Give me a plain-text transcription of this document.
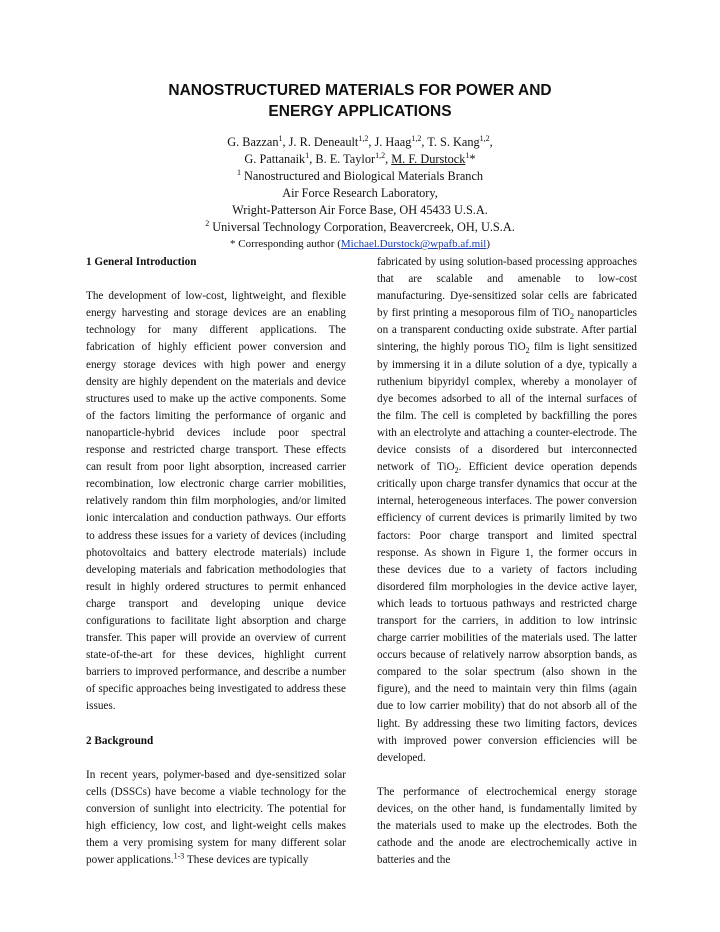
NANOSTRUCTURED MATERIALS FOR POWER AND
ENERGY APPLICATIONS
G. Bazzan$^1$, J. R. Deneault$^{1,2}$, J. Haag$^{1,2}$, T. S. Kang$^{1,2}$,
G. Pattanaik$^1$, B. E. Taylor$^{1,2}$, M. F. Durstock$^1$*
$^1$ Nanostructured and Biological Materials Branch
Air Force Research Laboratory,
Wright-Patterson Air Force Base, OH 45433 U.S.A.
$^2$ Universal Technology Corporation, Beavercreek, OH, U.S.A.
* Corresponding author (Michael.Durstock@wpafb.af.mil)

1 General Introduction

The development of low-cost, lightweight, and flexible energy harvesting and storage devices are an enabling technology for many different applications. The fabrication of highly efficient power conversion and energy storage devices with high power and energy density are highly dependent on the materials and device structures used to make up the active components. Some of the factors limiting the performance of organic and nanoparticle-hybrid devices include poor spectral response and restricted charge transport. These effects can result from poor light absorption, increased carrier recombination, low electronic charge carrier mobilities, relatively random thin film morphologies, and/or limited ionic intercalation and conduction pathways. Our efforts to address these issues for a variety of devices (including photovoltaics and battery electrode materials) include developing materials and fabrication methodologies that result in highly ordered structures to permit enhanced charge transport and developing unique device configurations to facilitate light absorption and charge transfer. This paper will provide an overview of current state-of-the-art for these devices, highlight current barriers to improved performance, and describe a number of specific approaches being investigated to address these issues.

2 Background

In recent years, polymer-based and dye-sensitized solar cells (DSSCs) have become a viable technology for the conversion of sunlight into electricity. The potential for high efficiency, low cost, and light-weight cells makes them a very promising system for many different solar power applications.$^{1-3}$ These devices are typically

fabricated by using solution-based processing approaches that are scalable and amenable to low-cost manufacturing. Dye-sensitized solar cells are fabricated by first printing a mesoporous film of TiO$_2$ nanoparticles on a transparent conducting oxide substrate. After partial sintering, the highly porous TiO$_2$ film is light sensitized by immersing it in a dilute solution of a dye, typically a ruthenium bipyridyl complex, whereby a monolayer of dye becomes adsorbed to all of the internal surfaces of the film. The cell is completed by backfilling the pores with an electrolyte and attaching a counter-electrode. The device consists of a disordered but interconnected network of TiO$_2$. Efficient device operation depends critically upon charge transfer dynamics that occur at the internal, heterogeneous interfaces. The power conversion efficiency of current devices is primarily limited by two factors: Poor charge transport and limited spectral response. As shown in Figure 1, the former occurs in these devices due to a variety of factors including disordered film morphologies in the device active layer, which leads to tortuous pathways and restricted charge transport for the carriers, in addition to low intrinsic charge carrier mobilities of the materials used. The latter occurs because of relatively narrow absorption bands, as compared to the solar spectrum (also shown in the figure), and the need to maintain very thin films (again due to low carrier mobility) that do not absorb all of the light. By addressing these two limiting factors, devices with improved power conversion efficiencies will be developed.

The performance of electrochemical energy storage devices, on the other hand, is fundamentally limited by the materials used to make up the electrodes. Both the cathode and the anode are electrochemically active in batteries and the
